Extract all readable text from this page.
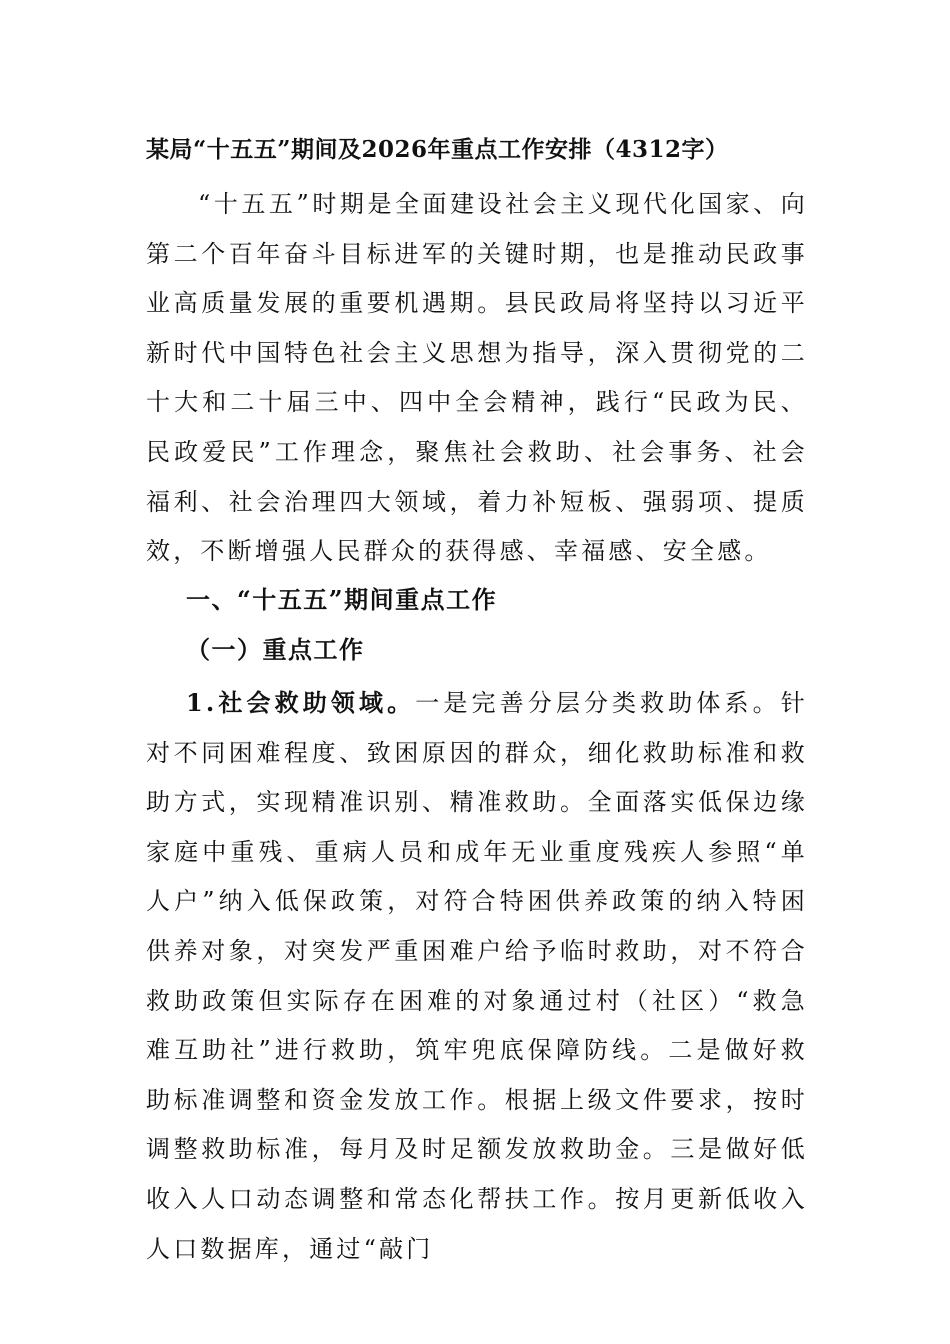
某局“十五五”期间及2026年重点工作安排（4312字）

“十五五”时期是全面建设社会主义现代化国家、向第二个百年奋斗目标进军的关键时期，也是推动民政事业高质量发展的重要机遇期。县民政局将坚持以习近平新时代中国特色社会主义思想为指导，深入贯彻党的二十大和二十届三中、四中全会精神，践行“民政为民、民政爱民”工作理念，聚焦社会救助、社会事务、社会福利、社会治理四大领域，着力补短板、强弱项、提质效，不断增强人民群众的获得感、幸福感、安全感。

一、“十五五”期间重点工作
（一）重点工作

1.社会救助领域。一是完善分层分类救助体系。针对不同困难程度、致困原因的群众，细化救助标准和救助方式，实现精准识别、精准救助。全面落实低保边缘家庭中重残、重病人员和成年无业重度残疾人参照“单人户”纳入低保政策，对符合特困供养政策的纳入特困供养对象，对突发严重困难户给予临时救助，对不符合救助政策但实际存在困难的对象通过村（社区）“救急难互助社”进行救助，筑牢兜底保障防线。二是做好救助标准调整和资金发放工作。根据上级文件要求，按时调整救助标准，每月及时足额发放救助金。三是做好低收入人口动态调整和常态化帮扶工作。按月更新低收入人口数据库，通过“敲门
